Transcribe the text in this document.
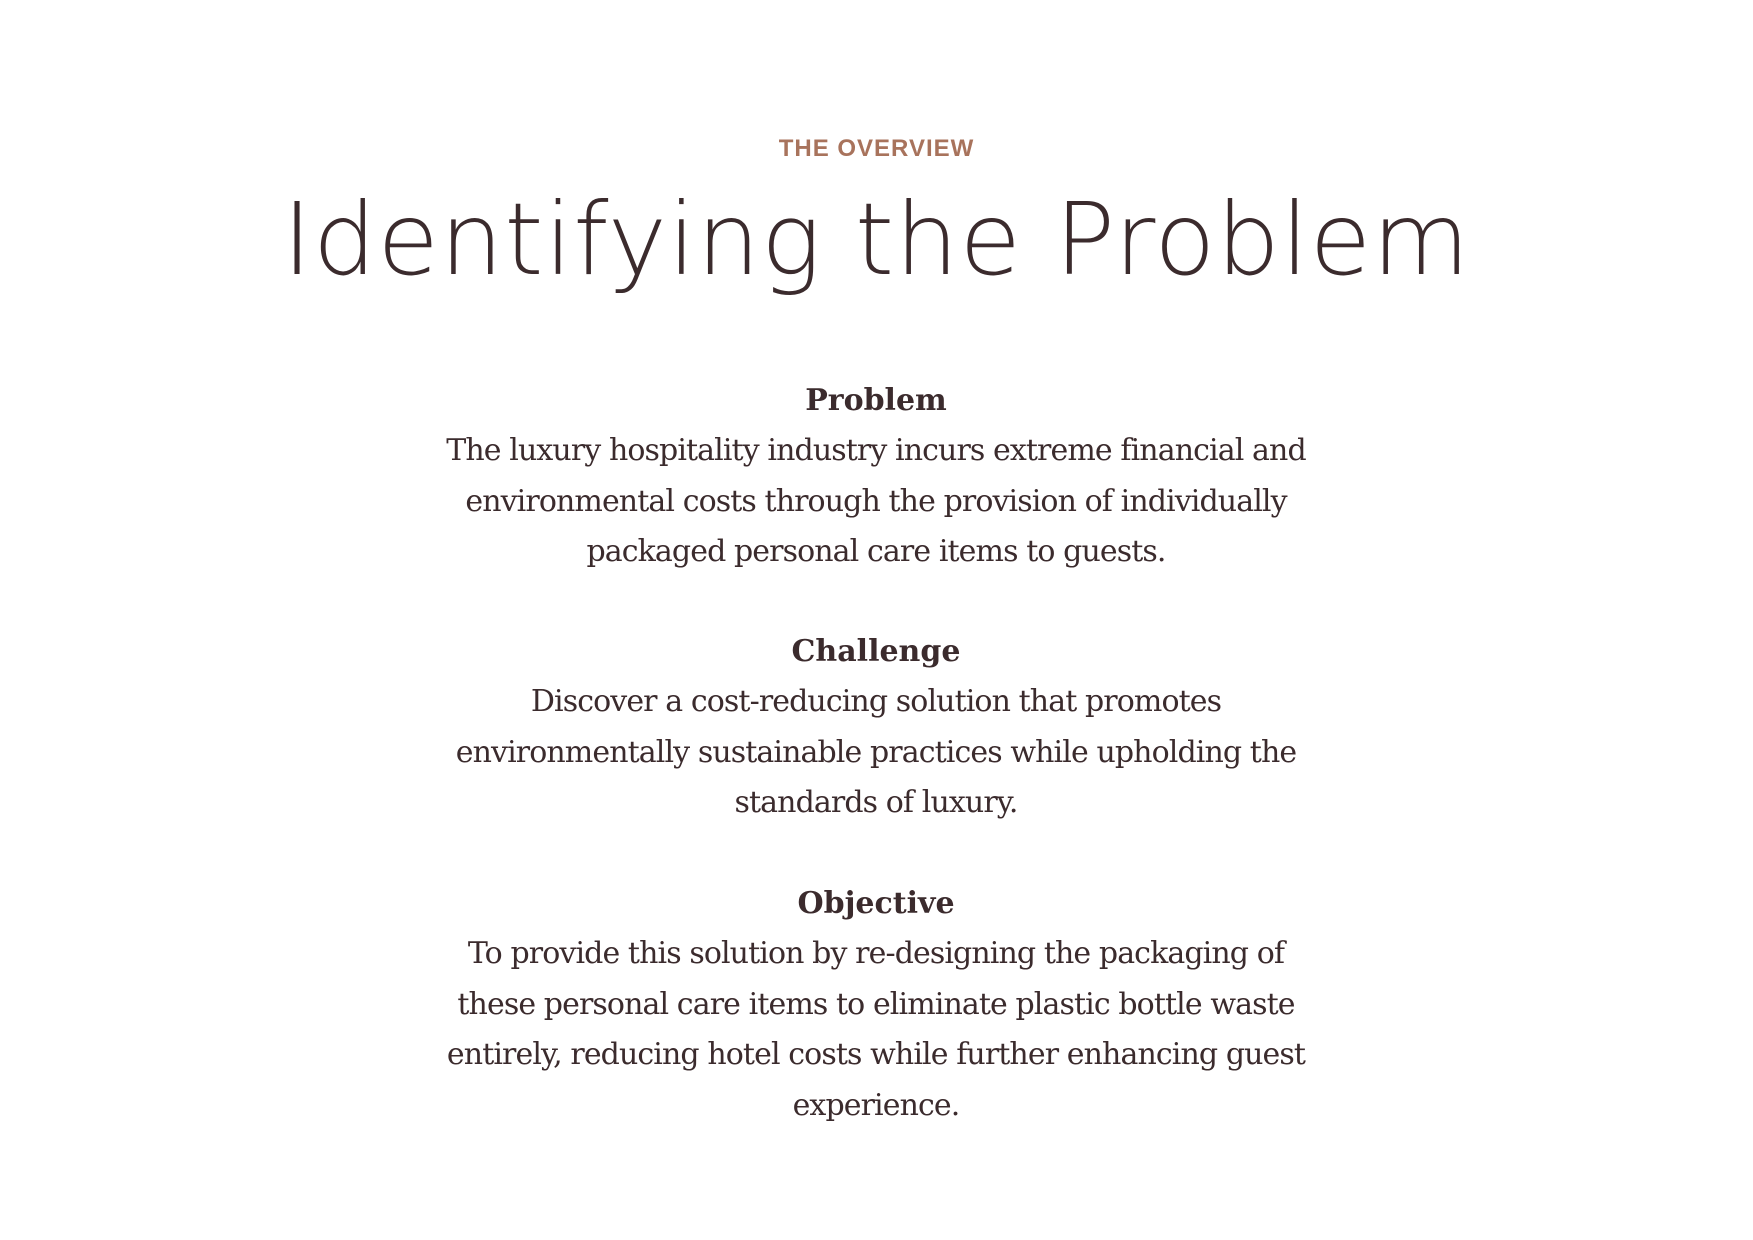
THE OVERVIEW
Identifying the Problem
Problem
The luxury hospitality industry incurs extreme financial and environmental costs through the provision of individually packaged personal care items to guests.
Challenge
Discover a cost-reducing solution that promotes environmentally sustainable practices while upholding the standards of luxury.
Objective
To provide this solution by re-designing the packaging of these personal care items to eliminate plastic bottle waste entirely, reducing hotel costs while further enhancing guest experience.
